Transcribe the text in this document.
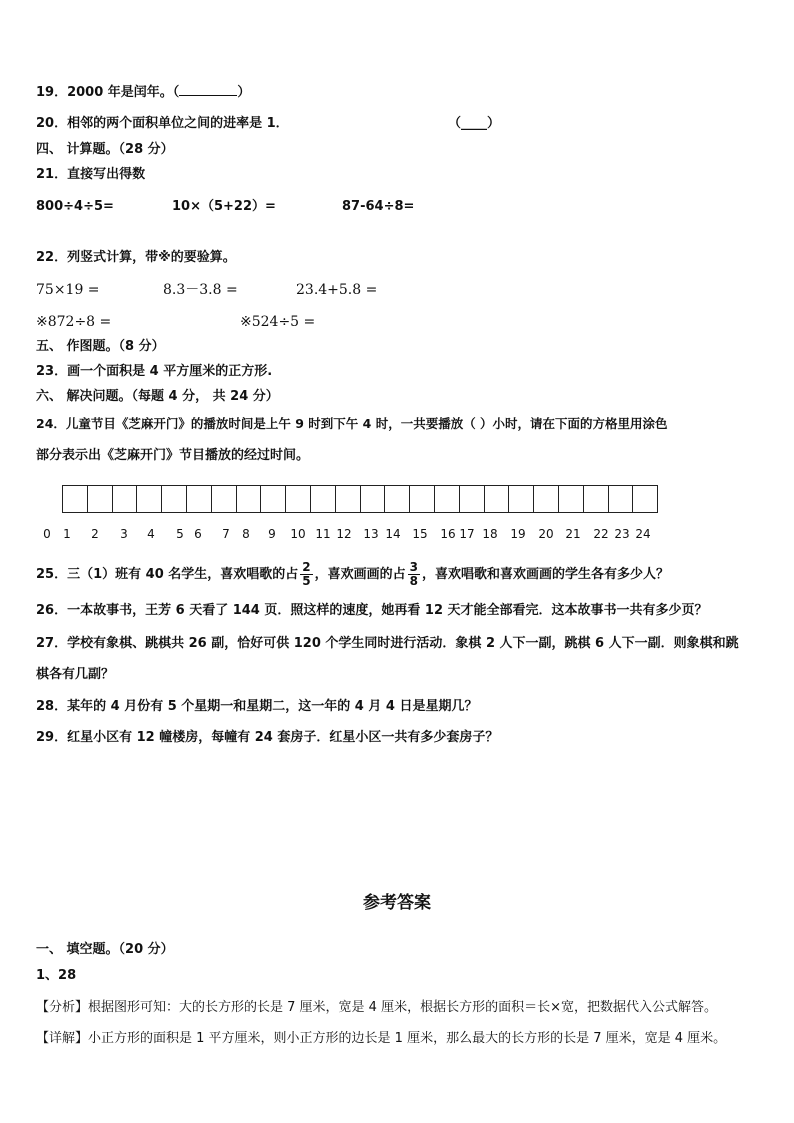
19．2000 年是闰年。（	）
20．相邻的两个面积单位之间的进率是 1．	（____）
四、 计算题。（28 分）
21．直接写出得数
800÷4÷5=	10×（5+22）=	87-64÷8=
22．列竖式计算，带※的要验算。
75×19 =	8.3－3.8 =	23.4+5.8 =
※872÷8 =	※524÷5 =
五、 作图题。（8 分）
23．画一个面积是 4 平方厘米的正方形.
六、 解决问题。（每题 4 分， 共 24 分）
24．儿童节目《芝麻开门》的播放时间是上午 9 时到下午 4 时，一共要播放（ ）小时，请在下面的方格里用涂色
部分表示出《芝麻开门》节目播放的经过时间。
0 1 2 3 4 5 6 7 8 9 10 11 12 13 14 15 16 17 18 19 20 21 22 23 24
25．三（1）班有 40 名学生，喜欢唱歌的占 $\frac{2}{5}$ ，喜欢画画的占 $\frac{3}{8}$ ，喜欢唱歌和喜欢画画的学生各有多少人？
26．一本故事书，王芳 6 天看了 144 页．照这样的速度，她再看 12 天才能全部看完．这本故事书一共有多少页？
27．学校有象棋、跳棋共 26 副，恰好可供 120 个学生同时进行活动．象棋 2 人下一副，跳棋 6 人下一副．则象棋和跳
棋各有几副？
28．某年的 4 月份有 5 个星期一和星期二，这一年的 4 月 4 日是星期几？
29．红星小区有 12 幢楼房，每幢有 24 套房子．红星小区一共有多少套房子？
参考答案
一、 填空题。（20 分）
1、28
【分析】根据图形可知：大的长方形的长是 7 厘米，宽是 4 厘米，根据长方形的面积＝长×宽，把数据代入公式解答。
【详解】小正方形的面积是 1 平方厘米，则小正方形的边长是 1 厘米，那么最大的长方形的长是 7 厘米，宽是 4 厘米。
